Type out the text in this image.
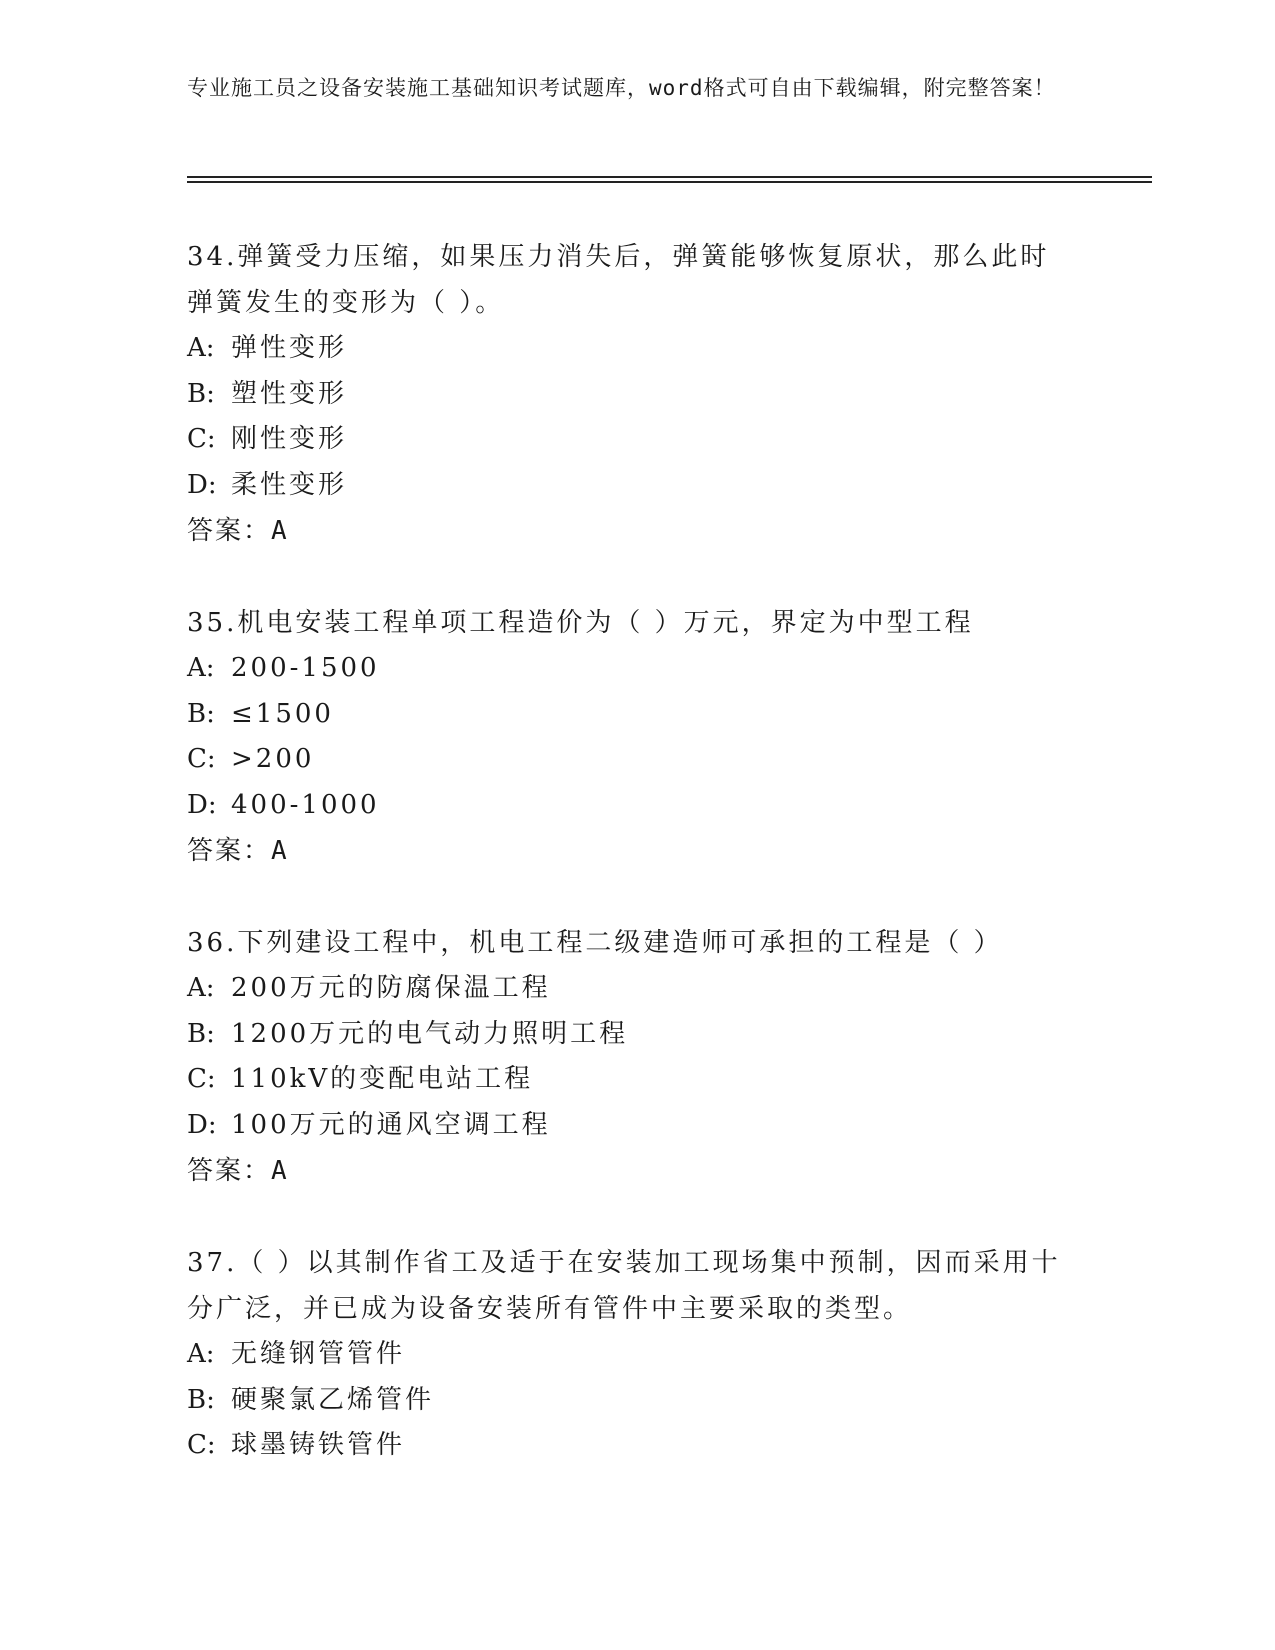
专业施工员之设备安装施工基础知识考试题库，word格式可自由下载编辑，附完整答案！
34.弹簧受力压缩，如果压力消失后，弹簧能够恢复原状，那么此时弹簧发生的变形为（ ）。
A: 弹性变形
B: 塑性变形
C: 刚性变形
D: 柔性变形
答案：A
35.机电安装工程单项工程造价为（ ）万元，界定为中型工程
A: 200-1500
B: ≤1500
C: >200
D: 400-1000
答案：A
36.下列建设工程中，机电工程二级建造师可承担的工程是（ ）
A: 200万元的防腐保温工程
B: 1200万元的电气动力照明工程
C: 110kV的变配电站工程
D: 100万元的通风空调工程
答案：A
37.（ ）以其制作省工及适于在安装加工现场集中预制，因而采用十分广泛，并已成为设备安装所有管件中主要采取的类型。
A: 无缝钢管管件
B: 硬聚氯乙烯管件
C: 球墨铸铁管件
